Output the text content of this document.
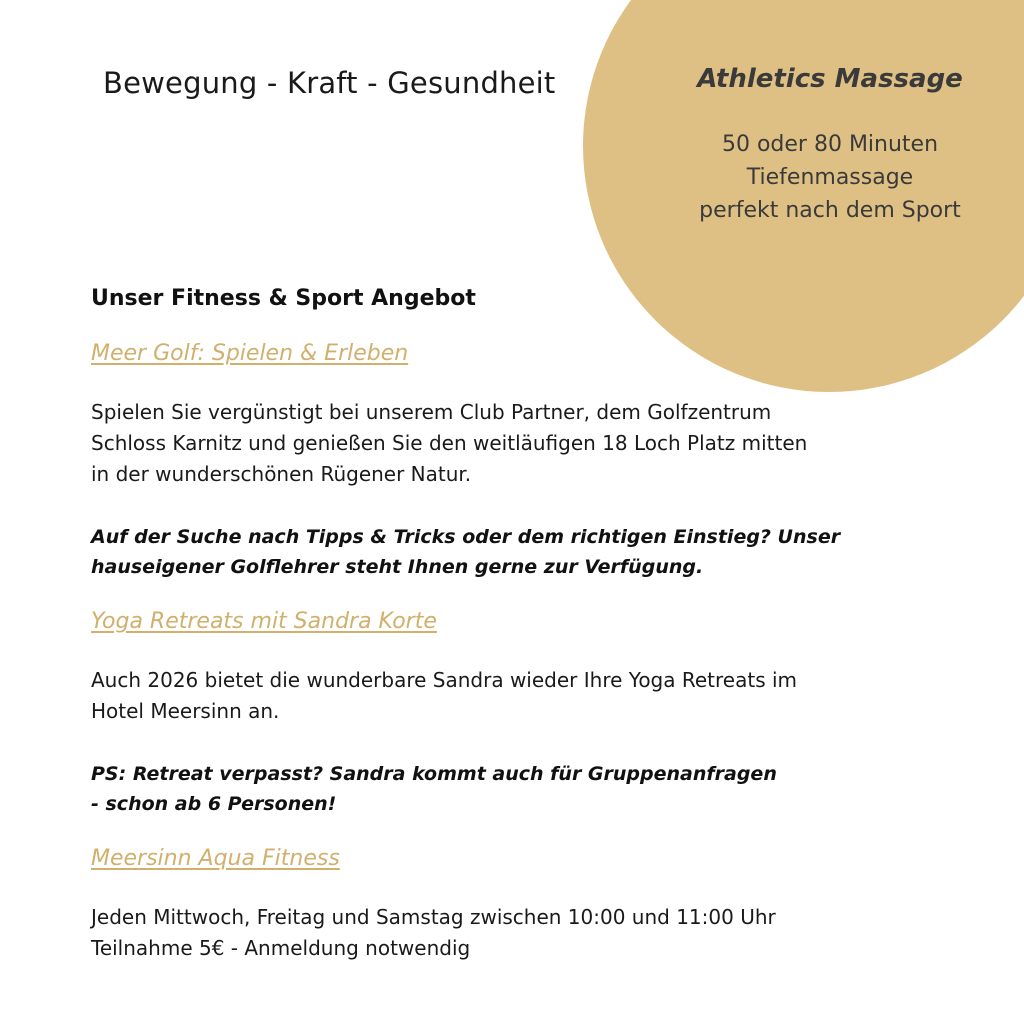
Bewegung - Kraft - Gesundheit	Athletics Massage
50 oder 80 Minuten
Tiefenmassage
perfekt nach dem Sport
Unser Fitness & Sport Angebot
Meer Golf: Spielen & Erleben
Spielen Sie vergünstigt bei unserem Club Partner, dem Golfzentrum
Schloss Karnitz und genießen Sie den weitläufigen 18 Loch Platz mitten
in der wunderschönen Rügener Natur.
Auf der Suche nach Tipps & Tricks oder dem richtigen Einstieg? Unser
hauseigener Golflehrer steht Ihnen gerne zur Verfügung.
Yoga Retreats mit Sandra Korte
Auch 2026 bietet die wunderbare Sandra wieder Ihre Yoga Retreats im
Hotel Meersinn an.
PS: Retreat verpasst? Sandra kommt auch für Gruppenanfragen
- schon ab 6 Personen!
Meersinn Aqua Fitness
Jeden Mittwoch, Freitag und Samstag zwischen 10:00 und 11:00 Uhr
Teilnahme 5€ - Anmeldung notwendig
